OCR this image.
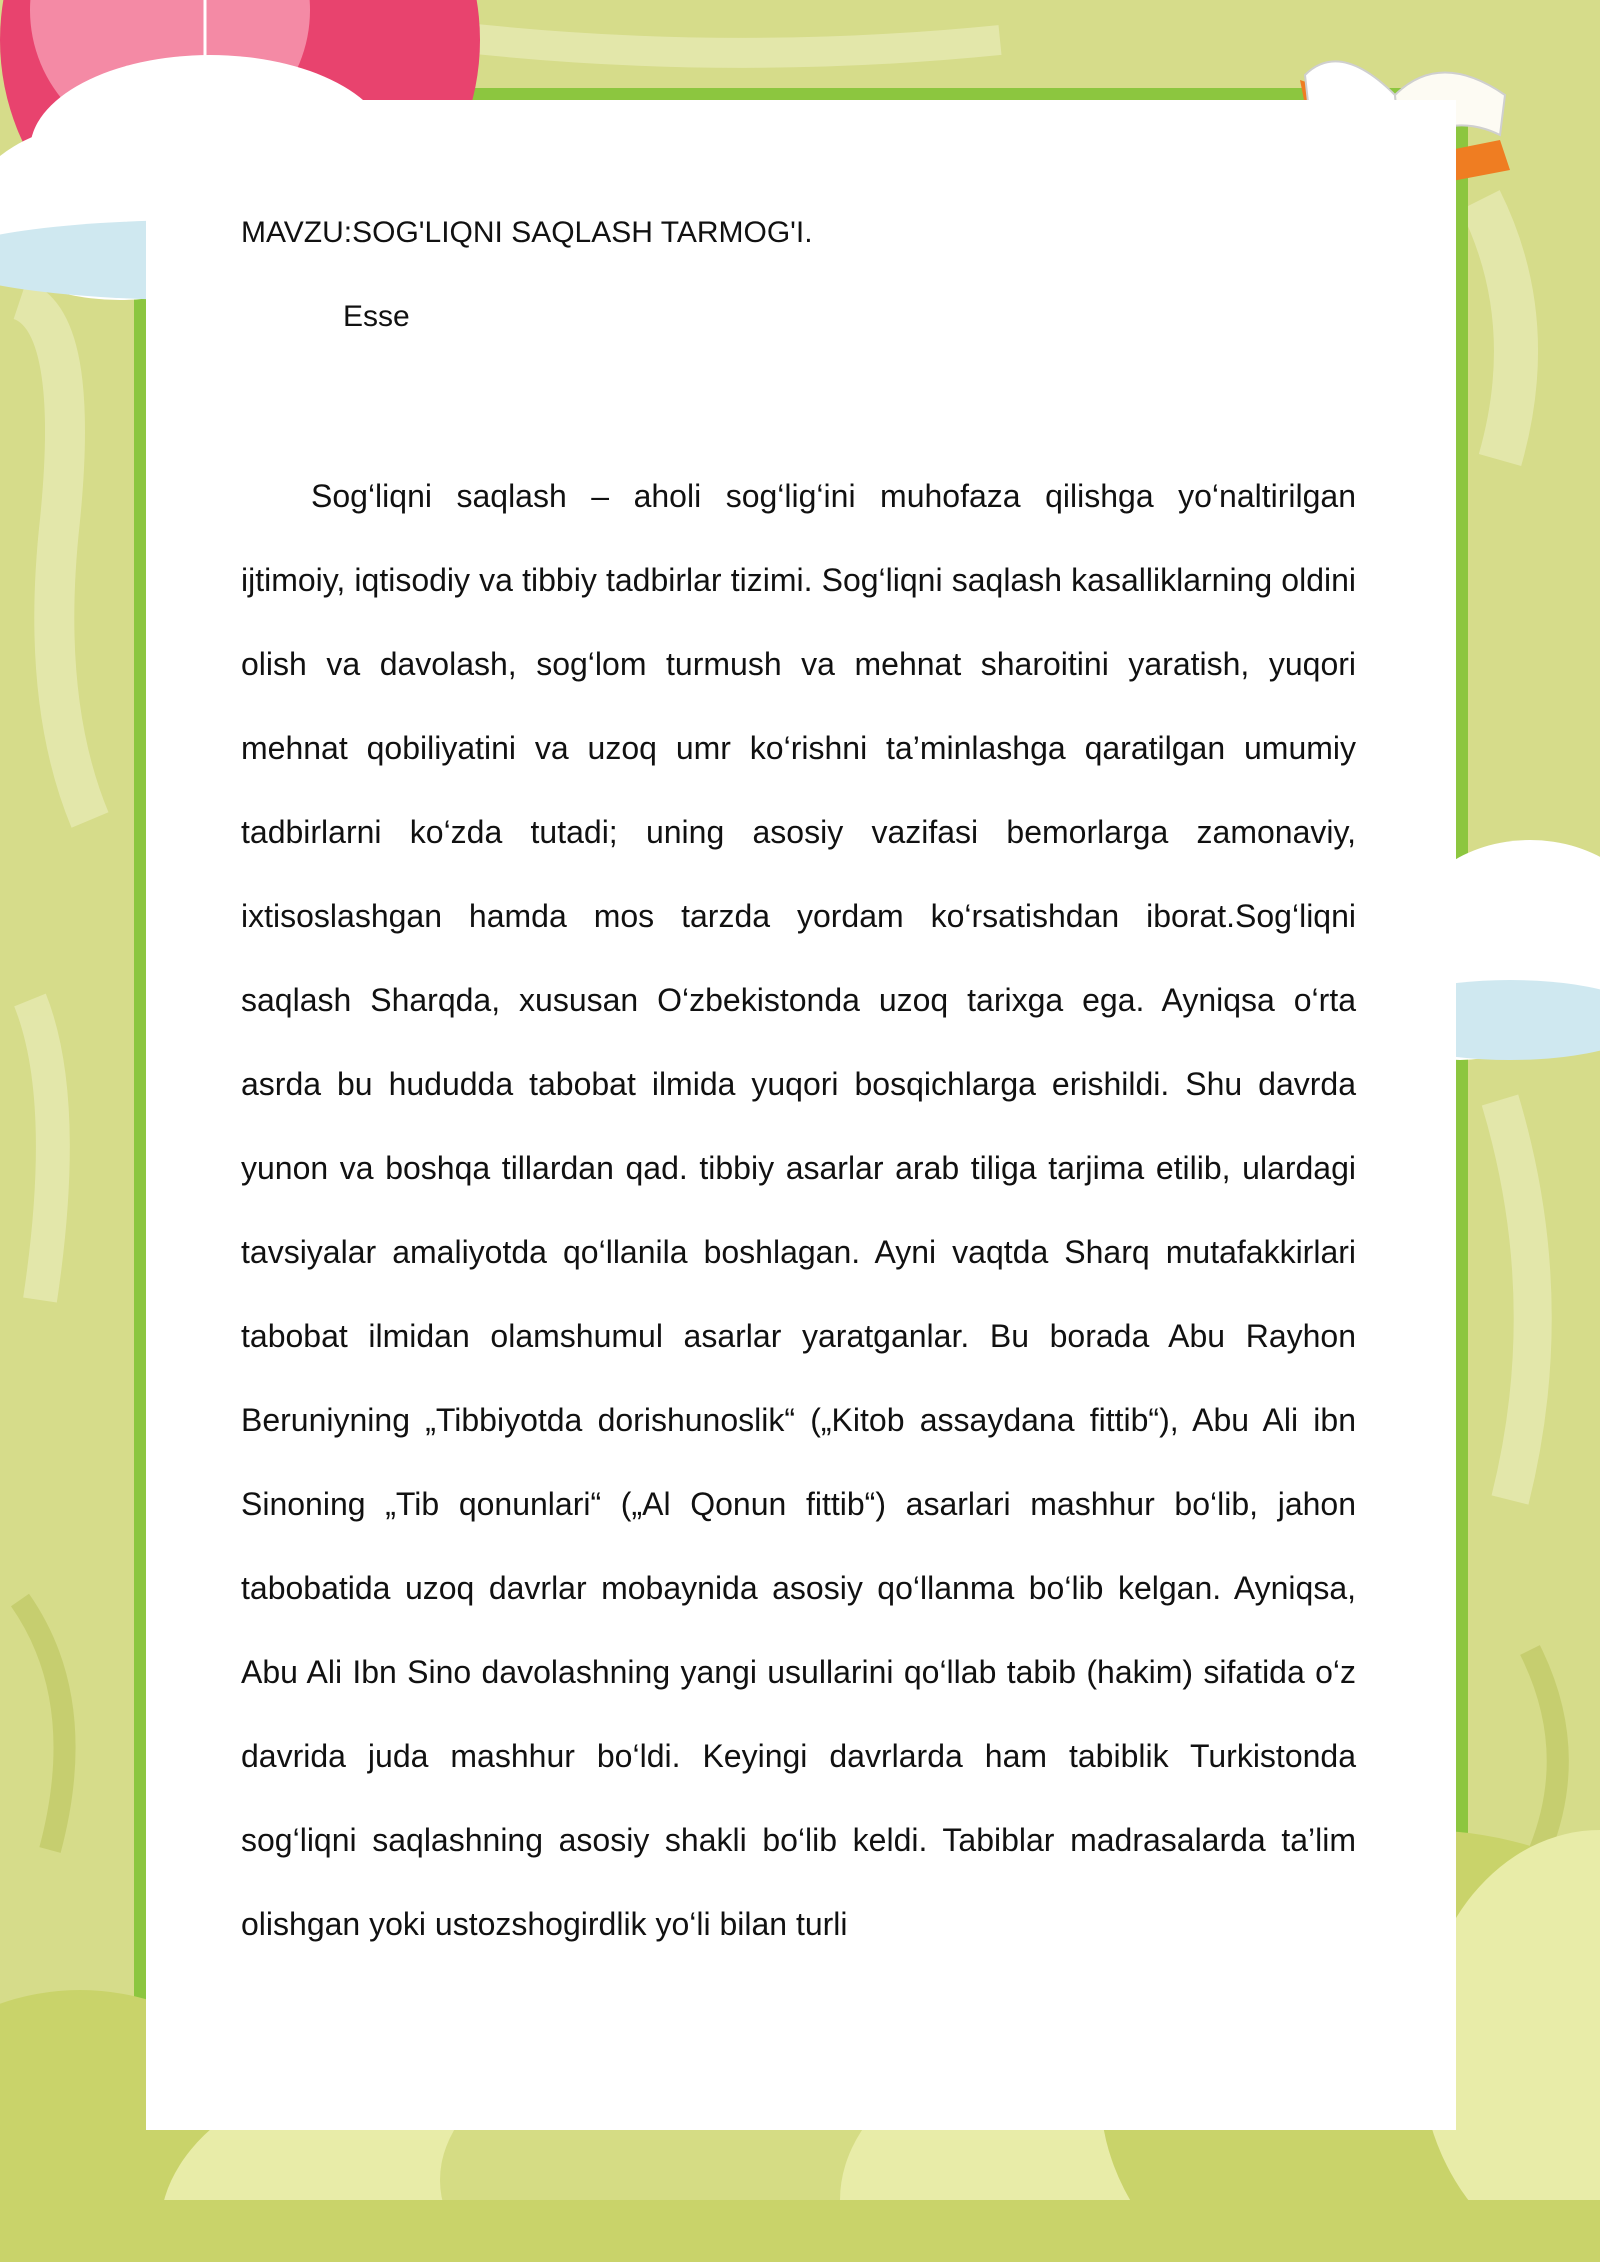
MAVZU:SOG'LIQNI SAQLASH TARMOG'I.

Esse

Sog‘liqni saqlash – aholi sog‘lig‘ini muhofaza qilishga yo‘naltirilgan ijtimoiy, iqtisodiy va tibbiy tadbirlar tizimi. Sog‘liqni saqlash kasalliklarning oldini olish va davolash, sog‘lom turmush va mehnat sharoitini yaratish, yuqori mehnat qobiliyatini va uzoq umr ko‘rishni ta’minlashga qaratilgan umumiy tadbirlarni ko‘zda tutadi; uning asosiy vazifasi bemorlarga zamonaviy, ixtisoslashgan hamda mos tarzda yordam ko‘rsatishdan iborat.Sog‘liqni saqlash Sharqda, xususan O‘zbekistonda uzoq tarixga ega. Ayniqsa o‘rta asrda bu hududda tabobat ilmida yuqori bosqichlarga erishildi. Shu davrda yunon va boshqa tillardan qad. tibbiy asarlar arab tiliga tarjima etilib, ulardagi tavsiyalar amaliyotda qo‘llanila boshlagan. Ayni vaqtda Sharq mutafakkirlari tabobat ilmidan olamshumul asarlar yaratganlar. Bu borada Abu Rayhon Beruniyning „Tibbiyotda dorishunoslik“ („Kitob assaydana fittib“), Abu Ali ibn Sinoning „Tib qonunlari“ („Al Qonun fittib“) asarlari mashhur bo‘lib, jahon tabobatida uzoq davrlar mobaynida asosiy qo‘llanma bo‘lib kelgan. Ayniqsa, Abu Ali Ibn Sino davolashning yangi usullarini qo‘llab tabib (hakim) sifatida o‘z davrida juda mashhur bo‘ldi. Keyingi davrlarda ham tabiblik Turkistonda sog‘liqni saqlashning asosiy shakli bo‘lib keldi. Tabiblar madrasalarda ta’lim olishgan yoki ustozshogirdlik yo‘li bilan turli
